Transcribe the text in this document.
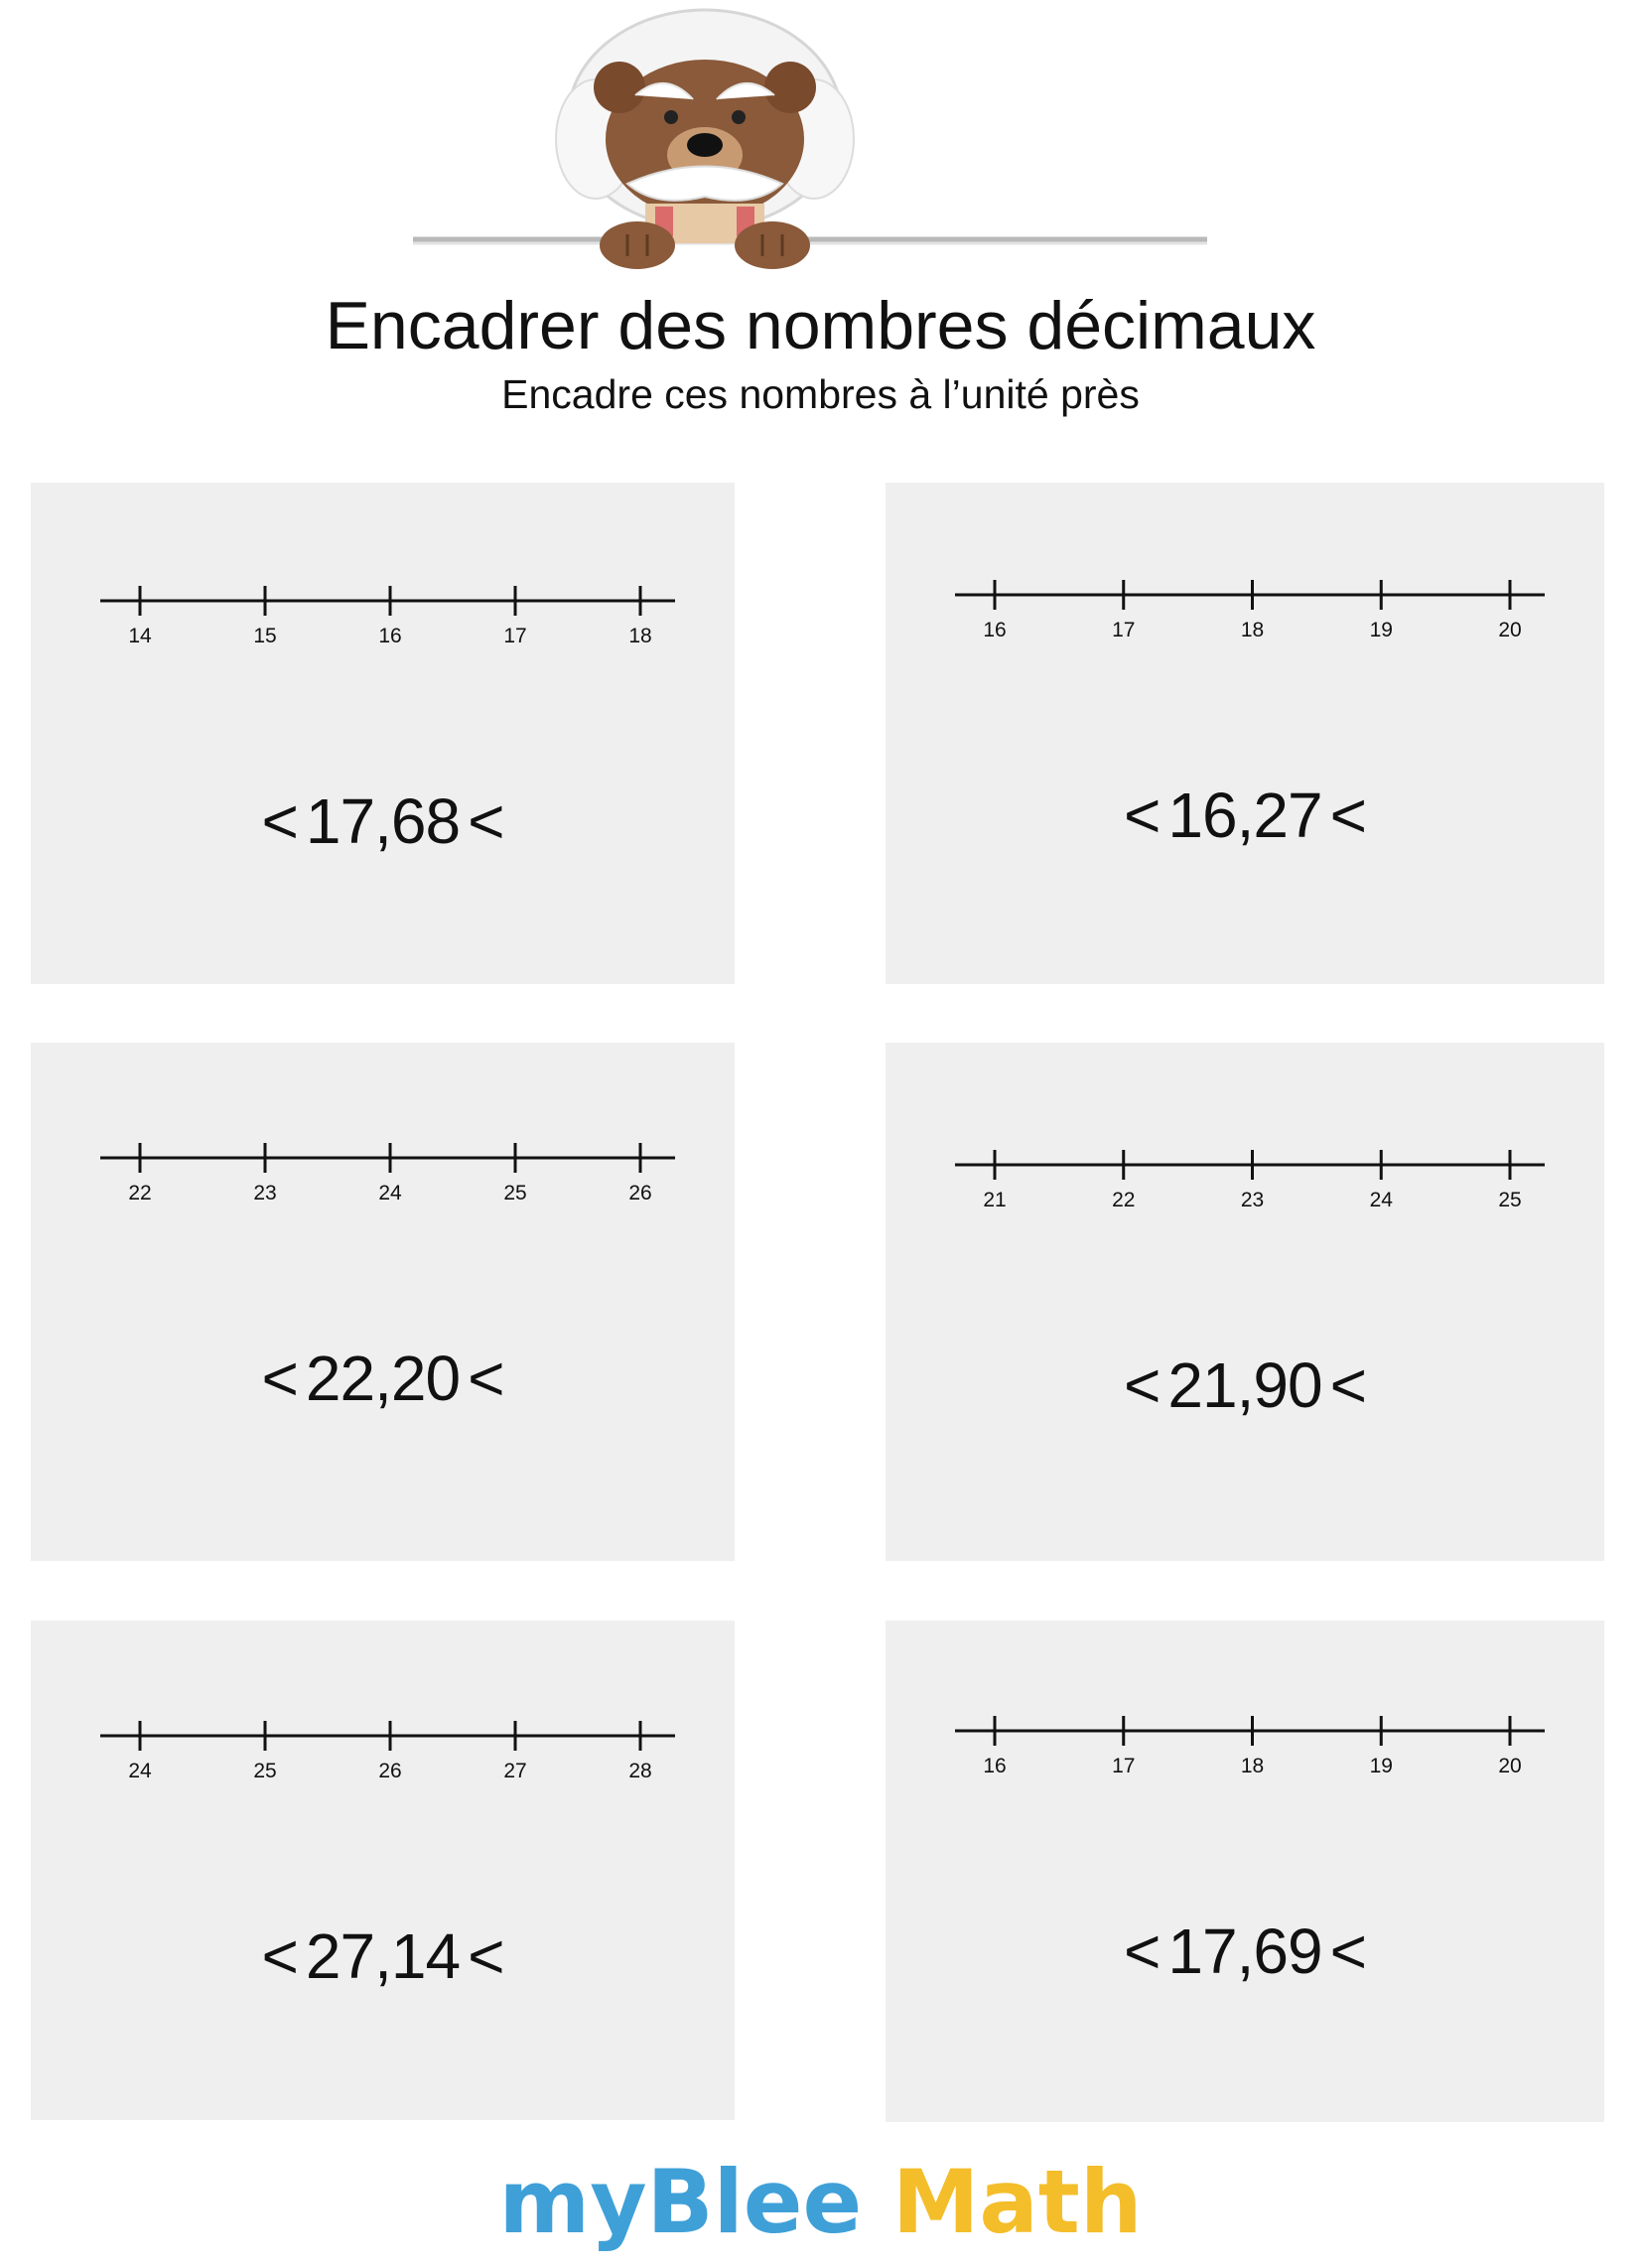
Encadrer des nombres décimaux

Encadre ces nombres à l’unité près

14	15	16	17	18
< 17,68 <
16	17	18	19	20
< 16,27 <
22	23	24	25	26
< 22,20 <
21	22	23	24	25
< 21,90 <
24	25	26	27	28
< 27,14 <
16	17	18	19	20
< 17,69 <
myBlee Math
